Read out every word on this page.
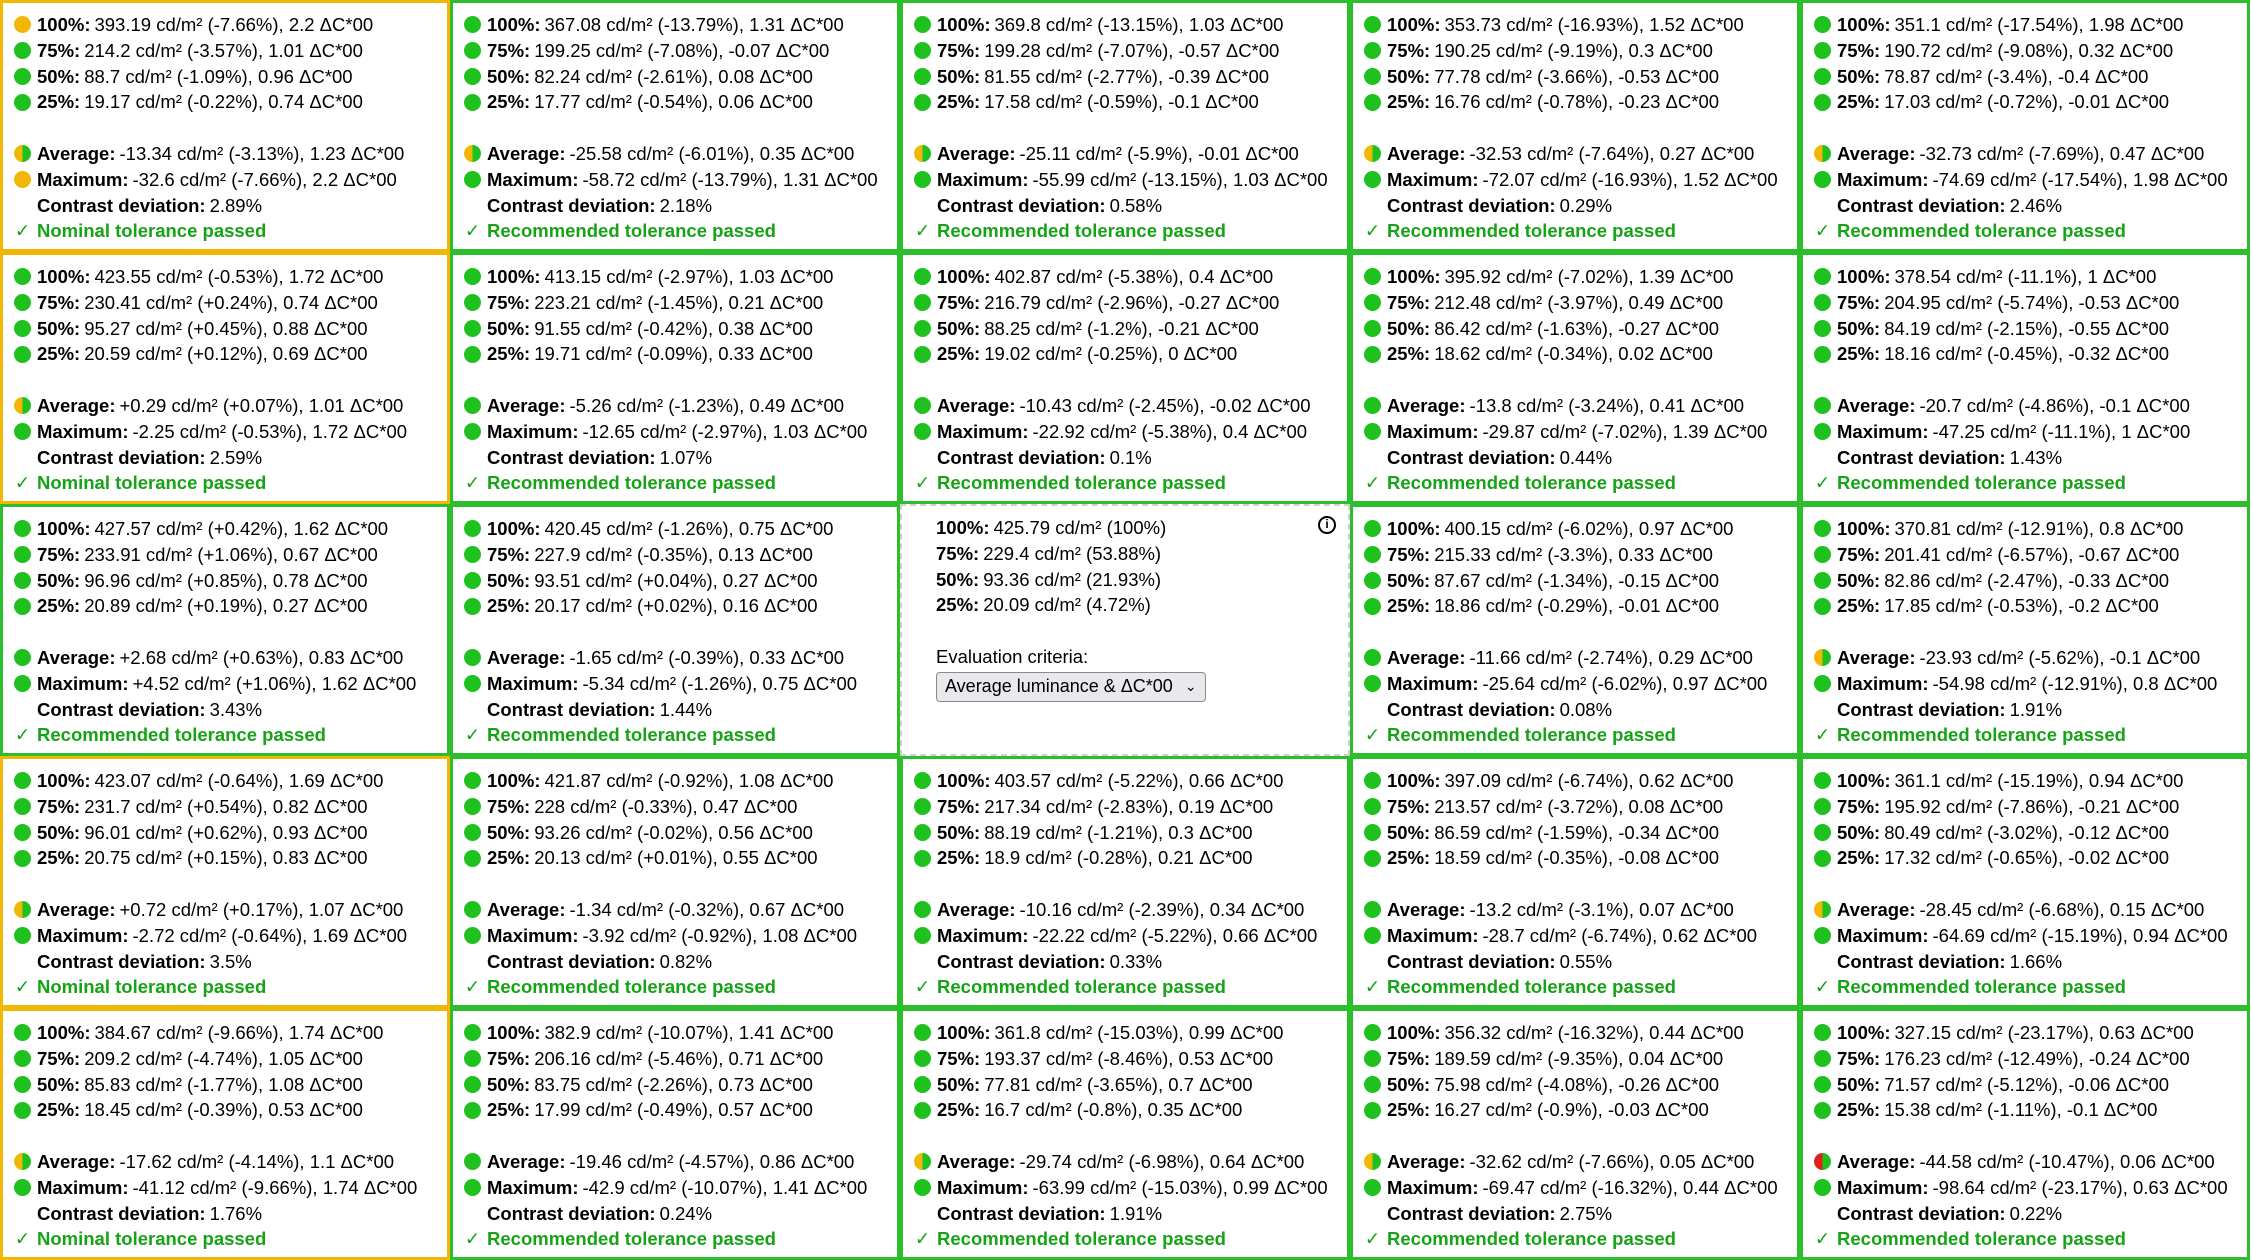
100%: 393.19 cd/m² (-7.66%), 2.2 ΔC*00
75%: 214.2 cd/m² (-3.57%), 1.01 ΔC*00
50%: 88.7 cd/m² (-1.09%), 0.96 ΔC*00
25%: 19.17 cd/m² (-0.22%), 0.74 ΔC*00
Average: -13.34 cd/m² (-3.13%), 1.23 ΔC*00
Maximum: -32.6 cd/m² (-7.66%), 2.2 ΔC*00
Contrast deviation: 2.89%
✓ Nominal tolerance passed
100%: 367.08 cd/m² (-13.79%), 1.31 ΔC*00
75%: 199.25 cd/m² (-7.08%), -0.07 ΔC*00
50%: 82.24 cd/m² (-2.61%), 0.08 ΔC*00
25%: 17.77 cd/m² (-0.54%), 0.06 ΔC*00
Average: -25.58 cd/m² (-6.01%), 0.35 ΔC*00
Maximum: -58.72 cd/m² (-13.79%), 1.31 ΔC*00
Contrast deviation: 2.18%
✓ Recommended tolerance passed
100%: 369.8 cd/m² (-13.15%), 1.03 ΔC*00
75%: 199.28 cd/m² (-7.07%), -0.57 ΔC*00
50%: 81.55 cd/m² (-2.77%), -0.39 ΔC*00
25%: 17.58 cd/m² (-0.59%), -0.1 ΔC*00
Average: -25.11 cd/m² (-5.9%), -0.01 ΔC*00
Maximum: -55.99 cd/m² (-13.15%), 1.03 ΔC*00
Contrast deviation: 0.58%
✓ Recommended tolerance passed
100%: 353.73 cd/m² (-16.93%), 1.52 ΔC*00
75%: 190.25 cd/m² (-9.19%), 0.3 ΔC*00
50%: 77.78 cd/m² (-3.66%), -0.53 ΔC*00
25%: 16.76 cd/m² (-0.78%), -0.23 ΔC*00
Average: -32.53 cd/m² (-7.64%), 0.27 ΔC*00
Maximum: -72.07 cd/m² (-16.93%), 1.52 ΔC*00
Contrast deviation: 0.29%
✓ Recommended tolerance passed
100%: 351.1 cd/m² (-17.54%), 1.98 ΔC*00
75%: 190.72 cd/m² (-9.08%), 0.32 ΔC*00
50%: 78.87 cd/m² (-3.4%), -0.4 ΔC*00
25%: 17.03 cd/m² (-0.72%), -0.01 ΔC*00
Average: -32.73 cd/m² (-7.69%), 0.47 ΔC*00
Maximum: -74.69 cd/m² (-17.54%), 1.98 ΔC*00
Contrast deviation: 2.46%
✓ Recommended tolerance passed
100%: 423.55 cd/m² (-0.53%), 1.72 ΔC*00
75%: 230.41 cd/m² (+0.24%), 0.74 ΔC*00
50%: 95.27 cd/m² (+0.45%), 0.88 ΔC*00
25%: 20.59 cd/m² (+0.12%), 0.69 ΔC*00
Average: +0.29 cd/m² (+0.07%), 1.01 ΔC*00
Maximum: -2.25 cd/m² (-0.53%), 1.72 ΔC*00
Contrast deviation: 2.59%
✓ Nominal tolerance passed
100%: 413.15 cd/m² (-2.97%), 1.03 ΔC*00
75%: 223.21 cd/m² (-1.45%), 0.21 ΔC*00
50%: 91.55 cd/m² (-0.42%), 0.38 ΔC*00
25%: 19.71 cd/m² (-0.09%), 0.33 ΔC*00
Average: -5.26 cd/m² (-1.23%), 0.49 ΔC*00
Maximum: -12.65 cd/m² (-2.97%), 1.03 ΔC*00
Contrast deviation: 1.07%
✓ Recommended tolerance passed
100%: 402.87 cd/m² (-5.38%), 0.4 ΔC*00
75%: 216.79 cd/m² (-2.96%), -0.27 ΔC*00
50%: 88.25 cd/m² (-1.2%), -0.21 ΔC*00
25%: 19.02 cd/m² (-0.25%), 0 ΔC*00
Average: -10.43 cd/m² (-2.45%), -0.02 ΔC*00
Maximum: -22.92 cd/m² (-5.38%), 0.4 ΔC*00
Contrast deviation: 0.1%
✓ Recommended tolerance passed
100%: 395.92 cd/m² (-7.02%), 1.39 ΔC*00
75%: 212.48 cd/m² (-3.97%), 0.49 ΔC*00
50%: 86.42 cd/m² (-1.63%), -0.27 ΔC*00
25%: 18.62 cd/m² (-0.34%), 0.02 ΔC*00
Average: -13.8 cd/m² (-3.24%), 0.41 ΔC*00
Maximum: -29.87 cd/m² (-7.02%), 1.39 ΔC*00
Contrast deviation: 0.44%
✓ Recommended tolerance passed
100%: 378.54 cd/m² (-11.1%), 1 ΔC*00
75%: 204.95 cd/m² (-5.74%), -0.53 ΔC*00
50%: 84.19 cd/m² (-2.15%), -0.55 ΔC*00
25%: 18.16 cd/m² (-0.45%), -0.32 ΔC*00
Average: -20.7 cd/m² (-4.86%), -0.1 ΔC*00
Maximum: -47.25 cd/m² (-11.1%), 1 ΔC*00
Contrast deviation: 1.43%
✓ Recommended tolerance passed
100%: 427.57 cd/m² (+0.42%), 1.62 ΔC*00
75%: 233.91 cd/m² (+1.06%), 0.67 ΔC*00
50%: 96.96 cd/m² (+0.85%), 0.78 ΔC*00
25%: 20.89 cd/m² (+0.19%), 0.27 ΔC*00
Average: +2.68 cd/m² (+0.63%), 0.83 ΔC*00
Maximum: +4.52 cd/m² (+1.06%), 1.62 ΔC*00
Contrast deviation: 3.43%
✓ Recommended tolerance passed
100%: 420.45 cd/m² (-1.26%), 0.75 ΔC*00
75%: 227.9 cd/m² (-0.35%), 0.13 ΔC*00
50%: 93.51 cd/m² (+0.04%), 0.27 ΔC*00
25%: 20.17 cd/m² (+0.02%), 0.16 ΔC*00
Average: -1.65 cd/m² (-0.39%), 0.33 ΔC*00
Maximum: -5.34 cd/m² (-1.26%), 0.75 ΔC*00
Contrast deviation: 1.44%
✓ Recommended tolerance passed
i
100%: 425.79 cd/m² (100%)
75%: 229.4 cd/m² (53.88%)
50%: 93.36 cd/m² (21.93%)
25%: 20.09 cd/m² (4.72%)
Evaluation criteria:
Average luminance & ΔC*00 ⌄
100%: 400.15 cd/m² (-6.02%), 0.97 ΔC*00
75%: 215.33 cd/m² (-3.3%), 0.33 ΔC*00
50%: 87.67 cd/m² (-1.34%), -0.15 ΔC*00
25%: 18.86 cd/m² (-0.29%), -0.01 ΔC*00
Average: -11.66 cd/m² (-2.74%), 0.29 ΔC*00
Maximum: -25.64 cd/m² (-6.02%), 0.97 ΔC*00
Contrast deviation: 0.08%
✓ Recommended tolerance passed
100%: 370.81 cd/m² (-12.91%), 0.8 ΔC*00
75%: 201.41 cd/m² (-6.57%), -0.67 ΔC*00
50%: 82.86 cd/m² (-2.47%), -0.33 ΔC*00
25%: 17.85 cd/m² (-0.53%), -0.2 ΔC*00
Average: -23.93 cd/m² (-5.62%), -0.1 ΔC*00
Maximum: -54.98 cd/m² (-12.91%), 0.8 ΔC*00
Contrast deviation: 1.91%
✓ Recommended tolerance passed
100%: 423.07 cd/m² (-0.64%), 1.69 ΔC*00
75%: 231.7 cd/m² (+0.54%), 0.82 ΔC*00
50%: 96.01 cd/m² (+0.62%), 0.93 ΔC*00
25%: 20.75 cd/m² (+0.15%), 0.83 ΔC*00
Average: +0.72 cd/m² (+0.17%), 1.07 ΔC*00
Maximum: -2.72 cd/m² (-0.64%), 1.69 ΔC*00
Contrast deviation: 3.5%
✓ Nominal tolerance passed
100%: 421.87 cd/m² (-0.92%), 1.08 ΔC*00
75%: 228 cd/m² (-0.33%), 0.47 ΔC*00
50%: 93.26 cd/m² (-0.02%), 0.56 ΔC*00
25%: 20.13 cd/m² (+0.01%), 0.55 ΔC*00
Average: -1.34 cd/m² (-0.32%), 0.67 ΔC*00
Maximum: -3.92 cd/m² (-0.92%), 1.08 ΔC*00
Contrast deviation: 0.82%
✓ Recommended tolerance passed
100%: 403.57 cd/m² (-5.22%), 0.66 ΔC*00
75%: 217.34 cd/m² (-2.83%), 0.19 ΔC*00
50%: 88.19 cd/m² (-1.21%), 0.3 ΔC*00
25%: 18.9 cd/m² (-0.28%), 0.21 ΔC*00
Average: -10.16 cd/m² (-2.39%), 0.34 ΔC*00
Maximum: -22.22 cd/m² (-5.22%), 0.66 ΔC*00
Contrast deviation: 0.33%
✓ Recommended tolerance passed
100%: 397.09 cd/m² (-6.74%), 0.62 ΔC*00
75%: 213.57 cd/m² (-3.72%), 0.08 ΔC*00
50%: 86.59 cd/m² (-1.59%), -0.34 ΔC*00
25%: 18.59 cd/m² (-0.35%), -0.08 ΔC*00
Average: -13.2 cd/m² (-3.1%), 0.07 ΔC*00
Maximum: -28.7 cd/m² (-6.74%), 0.62 ΔC*00
Contrast deviation: 0.55%
✓ Recommended tolerance passed
100%: 361.1 cd/m² (-15.19%), 0.94 ΔC*00
75%: 195.92 cd/m² (-7.86%), -0.21 ΔC*00
50%: 80.49 cd/m² (-3.02%), -0.12 ΔC*00
25%: 17.32 cd/m² (-0.65%), -0.02 ΔC*00
Average: -28.45 cd/m² (-6.68%), 0.15 ΔC*00
Maximum: -64.69 cd/m² (-15.19%), 0.94 ΔC*00
Contrast deviation: 1.66%
✓ Recommended tolerance passed
100%: 384.67 cd/m² (-9.66%), 1.74 ΔC*00
75%: 209.2 cd/m² (-4.74%), 1.05 ΔC*00
50%: 85.83 cd/m² (-1.77%), 1.08 ΔC*00
25%: 18.45 cd/m² (-0.39%), 0.53 ΔC*00
Average: -17.62 cd/m² (-4.14%), 1.1 ΔC*00
Maximum: -41.12 cd/m² (-9.66%), 1.74 ΔC*00
Contrast deviation: 1.76%
✓ Nominal tolerance passed
100%: 382.9 cd/m² (-10.07%), 1.41 ΔC*00
75%: 206.16 cd/m² (-5.46%), 0.71 ΔC*00
50%: 83.75 cd/m² (-2.26%), 0.73 ΔC*00
25%: 17.99 cd/m² (-0.49%), 0.57 ΔC*00
Average: -19.46 cd/m² (-4.57%), 0.86 ΔC*00
Maximum: -42.9 cd/m² (-10.07%), 1.41 ΔC*00
Contrast deviation: 0.24%
✓ Recommended tolerance passed
100%: 361.8 cd/m² (-15.03%), 0.99 ΔC*00
75%: 193.37 cd/m² (-8.46%), 0.53 ΔC*00
50%: 77.81 cd/m² (-3.65%), 0.7 ΔC*00
25%: 16.7 cd/m² (-0.8%), 0.35 ΔC*00
Average: -29.74 cd/m² (-6.98%), 0.64 ΔC*00
Maximum: -63.99 cd/m² (-15.03%), 0.99 ΔC*00
Contrast deviation: 1.91%
✓ Recommended tolerance passed
100%: 356.32 cd/m² (-16.32%), 0.44 ΔC*00
75%: 189.59 cd/m² (-9.35%), 0.04 ΔC*00
50%: 75.98 cd/m² (-4.08%), -0.26 ΔC*00
25%: 16.27 cd/m² (-0.9%), -0.03 ΔC*00
Average: -32.62 cd/m² (-7.66%), 0.05 ΔC*00
Maximum: -69.47 cd/m² (-16.32%), 0.44 ΔC*00
Contrast deviation: 2.75%
✓ Recommended tolerance passed
100%: 327.15 cd/m² (-23.17%), 0.63 ΔC*00
75%: 176.23 cd/m² (-12.49%), -0.24 ΔC*00
50%: 71.57 cd/m² (-5.12%), -0.06 ΔC*00
25%: 15.38 cd/m² (-1.11%), -0.1 ΔC*00
Average: -44.58 cd/m² (-10.47%), 0.06 ΔC*00
Maximum: -98.64 cd/m² (-23.17%), 0.63 ΔC*00
Contrast deviation: 0.22%
✓ Recommended tolerance passed
